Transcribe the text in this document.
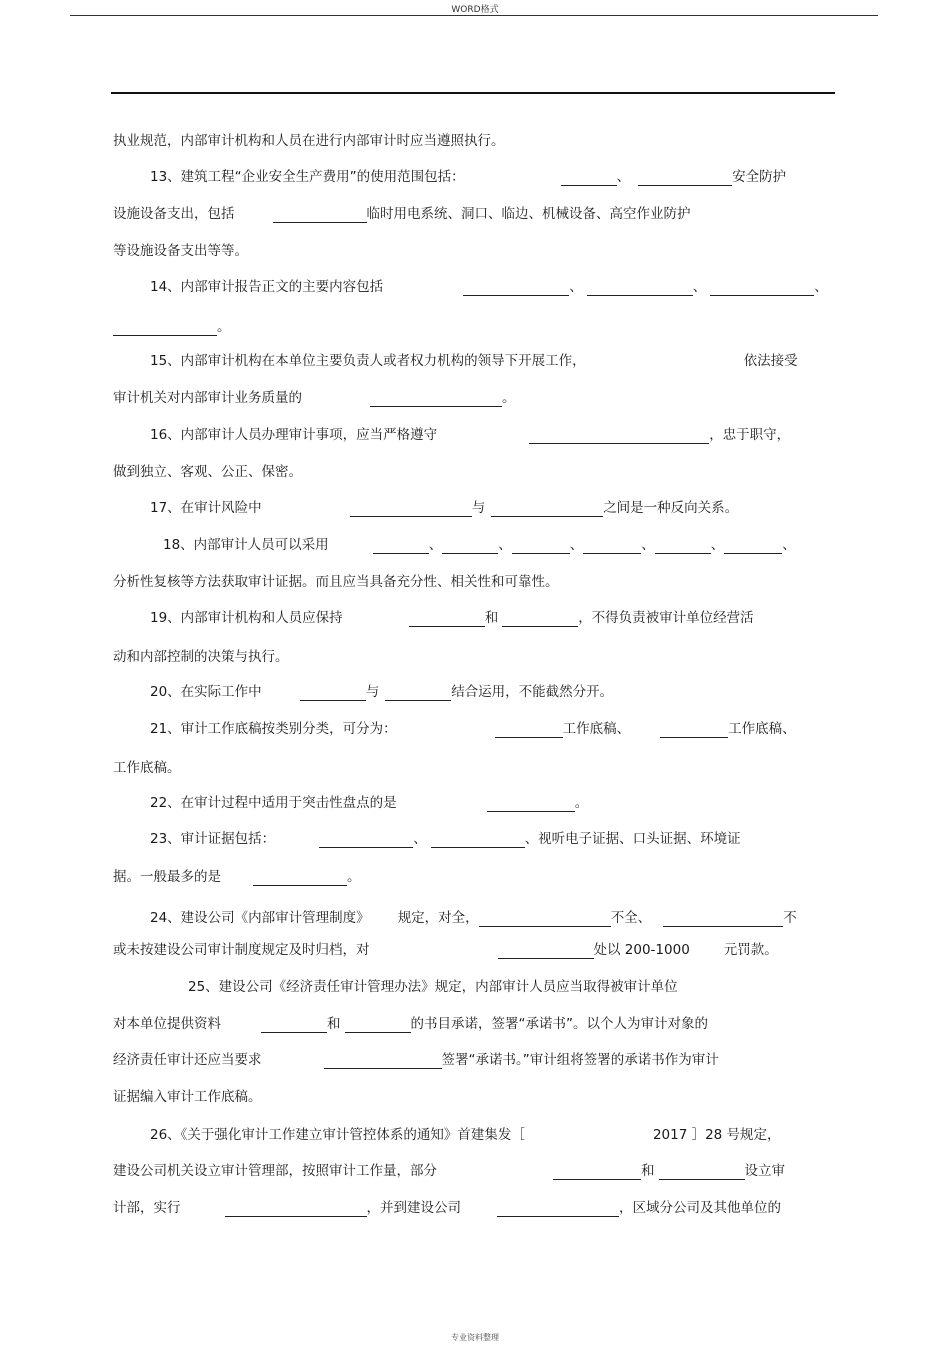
WORD格式
执业规范，内部审计机构和人员在进行内部审计时应当遵照执行。
13、建筑工程“企业安全生产费用”的使用范围包括：	、	安全防护
设施设备支出，包括	临时用电系统、洞口、临边、机械设备、高空作业防护
等设施设备支出等等。
14、内部审计报告正文的主要内容包括	、	、	、
。
15、内部审计机构在本单位主要负责人或者权力机构的领导下开展工作，	依法接受
审计机关对内部审计业务质量的	。
16、内部审计人员办理审计事项，应当严格遵守	，忠于职守，
做到独立、客观、公正、保密。
17、在审计风险中	与	之间是一种反向关系。
18、内部审计人员可以采用	、	、	、	、	、	、
分析性复核等方法获取审计证据。而且应当具备充分性、相关性和可靠性。
19、内部审计机构和人员应保持	和	，不得负责被审计单位经营活
动和内部控制的决策与执行。
20、在实际工作中	与	结合运用，不能截然分开。
21、审计工作底稿按类别分类，可分为：	工作底稿、	工作底稿、
工作底稿。
22、在审计过程中适用于突击性盘点的是	。
23、审计证据包括：	、	、视听电子证据、口头证据、环境证
据。一般最多的是	。
24、建设公司《内部审计管理制度》 规定，对全，	不全、	不
或未按建设公司审计制度规定及时归档，对	处以 200-1000	元罚款。
25、建设公司《经济责任审计管理办法》规定，内部审计人员应当取得被审计单位
对本单位提供资料	和	的书目承诺，签署“承诺书”。以个人为审计对象的
经济责任审计还应当要求	签署“承诺书。”审计组将签署的承诺书作为审计
证据编入审计工作底稿。
26、《关于强化审计工作建立审计管控体系的通知》首建集发［	2017 ］28 号规定，
建设公司机关设立审计管理部，按照审计工作量，部分	和	设立审
计部，实行	，并到建设公司	，区域分公司及其他单位的
专业资料整理
